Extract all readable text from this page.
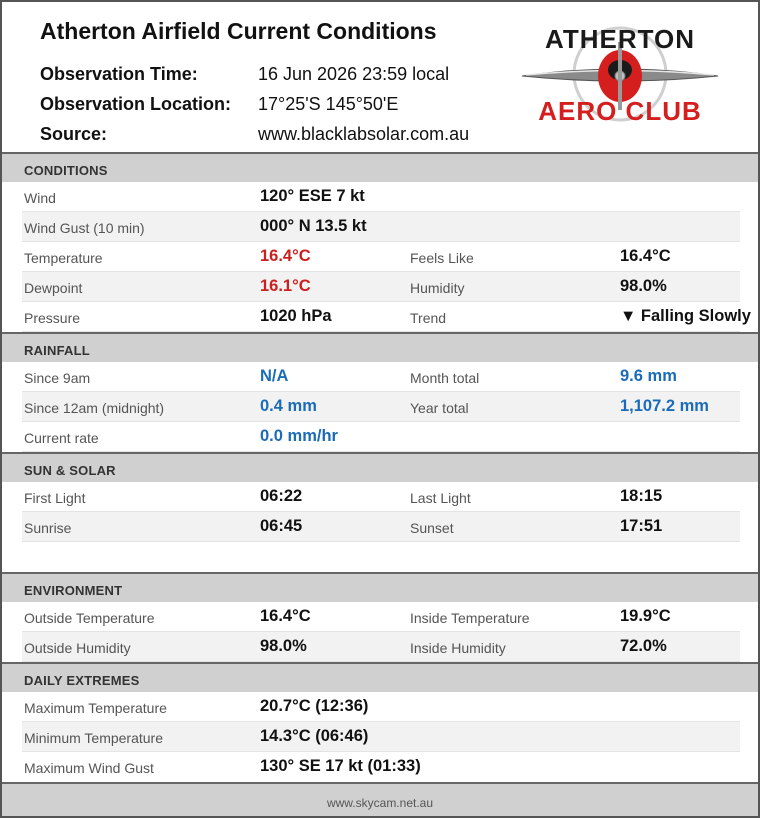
Atherton Airfield Current Conditions
Observation Time:	16 Jun 2026 23:59 local
Observation Location: 17°25'S 145°50'E
Source:	www.blacklabsolar.com.au
ATHERTON
AERO CLUB
CONDITIONS
Wind	120° ESE 7 kt
Wind Gust (10 min)	000° N 13.5 kt
Temperature	16.4°C	Feels Like	16.4°C
Dewpoint	16.1°C	Humidity	98.0%
Pressure	1020 hPa	Trend	▼ Falling Slowly
RAINFALL
Since 9am	N/A	Month total	9.6 mm
Since 12am (midnight)	0.4 mm	Year total	1,107.2 mm
Current rate	0.0 mm/hr
SUN & SOLAR
First Light	06:22	Last Light	18:15
Sunrise	06:45	Sunset	17:51
ENVIRONMENT
Outside Temperature	16.4°C	Inside Temperature	19.9°C
Outside Humidity	98.0%	Inside Humidity	72.0%
DAILY EXTREMES
Maximum Temperature	20.7°C (12:36)
Minimum Temperature	14.3°C (06:46)
Maximum Wind Gust	130° SE 17 kt (01:33)
www.skycam.net.au
